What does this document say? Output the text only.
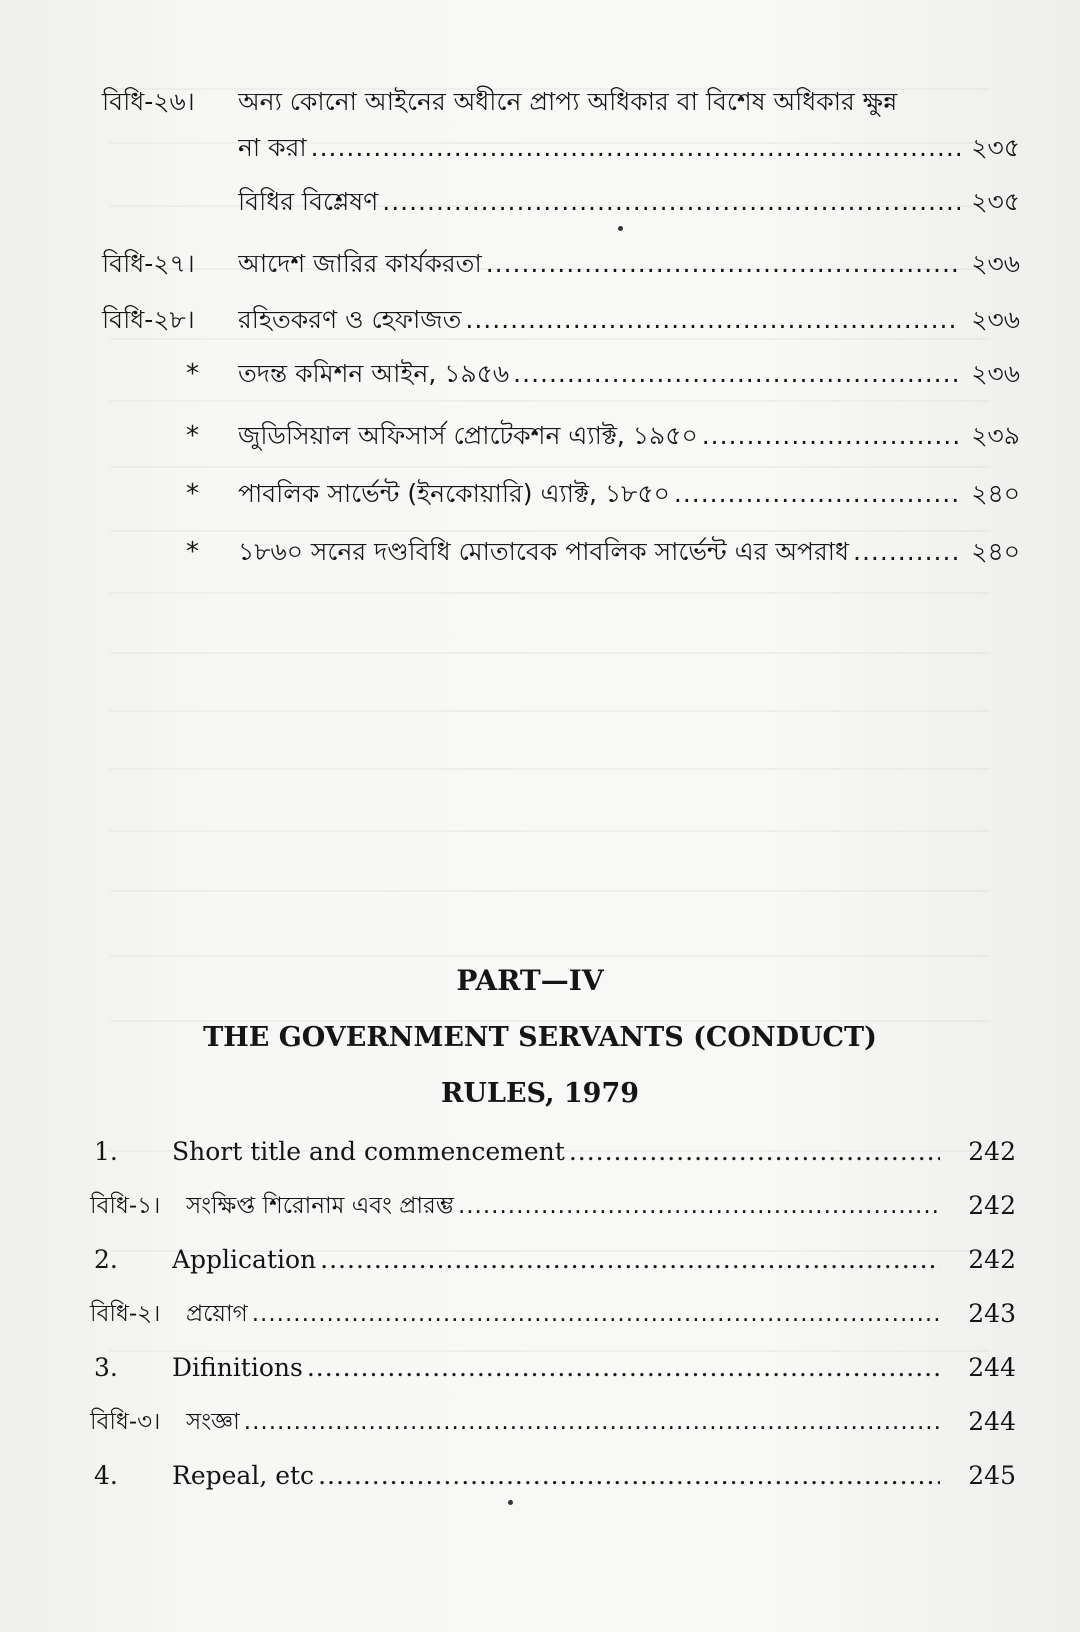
বিধি-২৬। অন্য কোনো আইনের অধীনে প্রাপ্য অধিকার বা বিশেষ অধিকার ক্ষুন্ন
না করা .....	২৩৫
বিধির বিশ্লেষণ .....	২৩৫
বিধি-২৭। আদেশ জারির কার্যকরতা .....	২৩৬
বিধি-২৮। রহিতকরণ ও হেফাজত .....	২৩৬
* তদন্ত কমিশন আইন, ১৯৫৬ .....	২৩৬
* জুডিসিয়াল অফিসার্স প্রোটেকশন এ্যাক্ট, ১৯৫০ .....	২৩৯
* পাবলিক সার্ভেন্ট (ইনকোয়ারি) এ্যাক্ট, ১৮৫০ .....	২৪০
* ১৮৬০ সনের দণ্ডবিধি মোতাবেক পাবলিক সার্ভেন্ট এর অপরাধ .....	২৪০
PART—IV
THE GOVERNMENT SERVANTS (CONDUCT)
RULES, 1979
1. Short title and commencement .....	242
বিধি-১। সংক্ষিপ্ত শিরোনাম এবং প্রারম্ভ .....	242
2. Application .....	242
বিধি-২। প্রয়োগ .....	243
3. Difinitions .....	244
বিধি-৩। সংজ্ঞা .....	244
4. Repeal, etc .....	245
